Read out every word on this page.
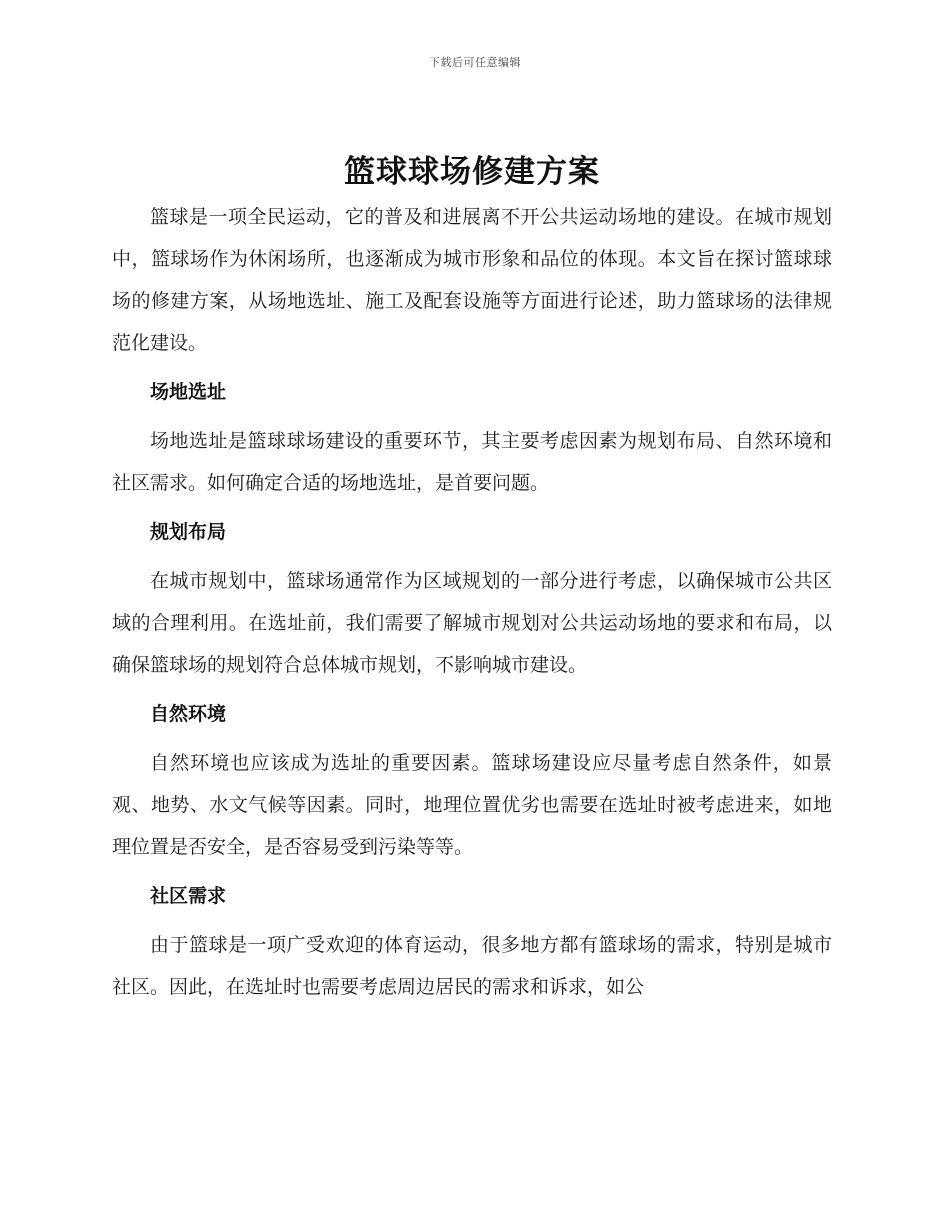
下载后可任意编辑
篮球球场修建方案

篮球是一项全民运动，它的普及和进展离不开公共运动场地的建设。在城市规划中，篮球场作为休闲场所，也逐渐成为城市形象和品位的体现。本文旨在探讨篮球球场的修建方案，从场地选址、施工及配套设施等方面进行论述，助力篮球场的法律规范化建设。

场地选址

场地选址是篮球球场建设的重要环节，其主要考虑因素为规划布局、自然环境和社区需求。如何确定合适的场地选址，是首要问题。

规划布局

在城市规划中，篮球场通常作为区域规划的一部分进行考虑，以确保城市公共区域的合理利用。在选址前，我们需要了解城市规划对公共运动场地的要求和布局，以确保篮球场的规划符合总体城市规划，不影响城市建设。

自然环境

自然环境也应该成为选址的重要因素。篮球场建设应尽量考虑自然条件，如景观、地势、水文气候等因素。同时，地理位置优劣也需要在选址时被考虑进来，如地理位置是否安全，是否容易受到污染等等。

社区需求

由于篮球是一项广受欢迎的体育运动，很多地方都有篮球场的需求，特别是城市社区。因此，在选址时也需要考虑周边居民的需求和诉求，如公
